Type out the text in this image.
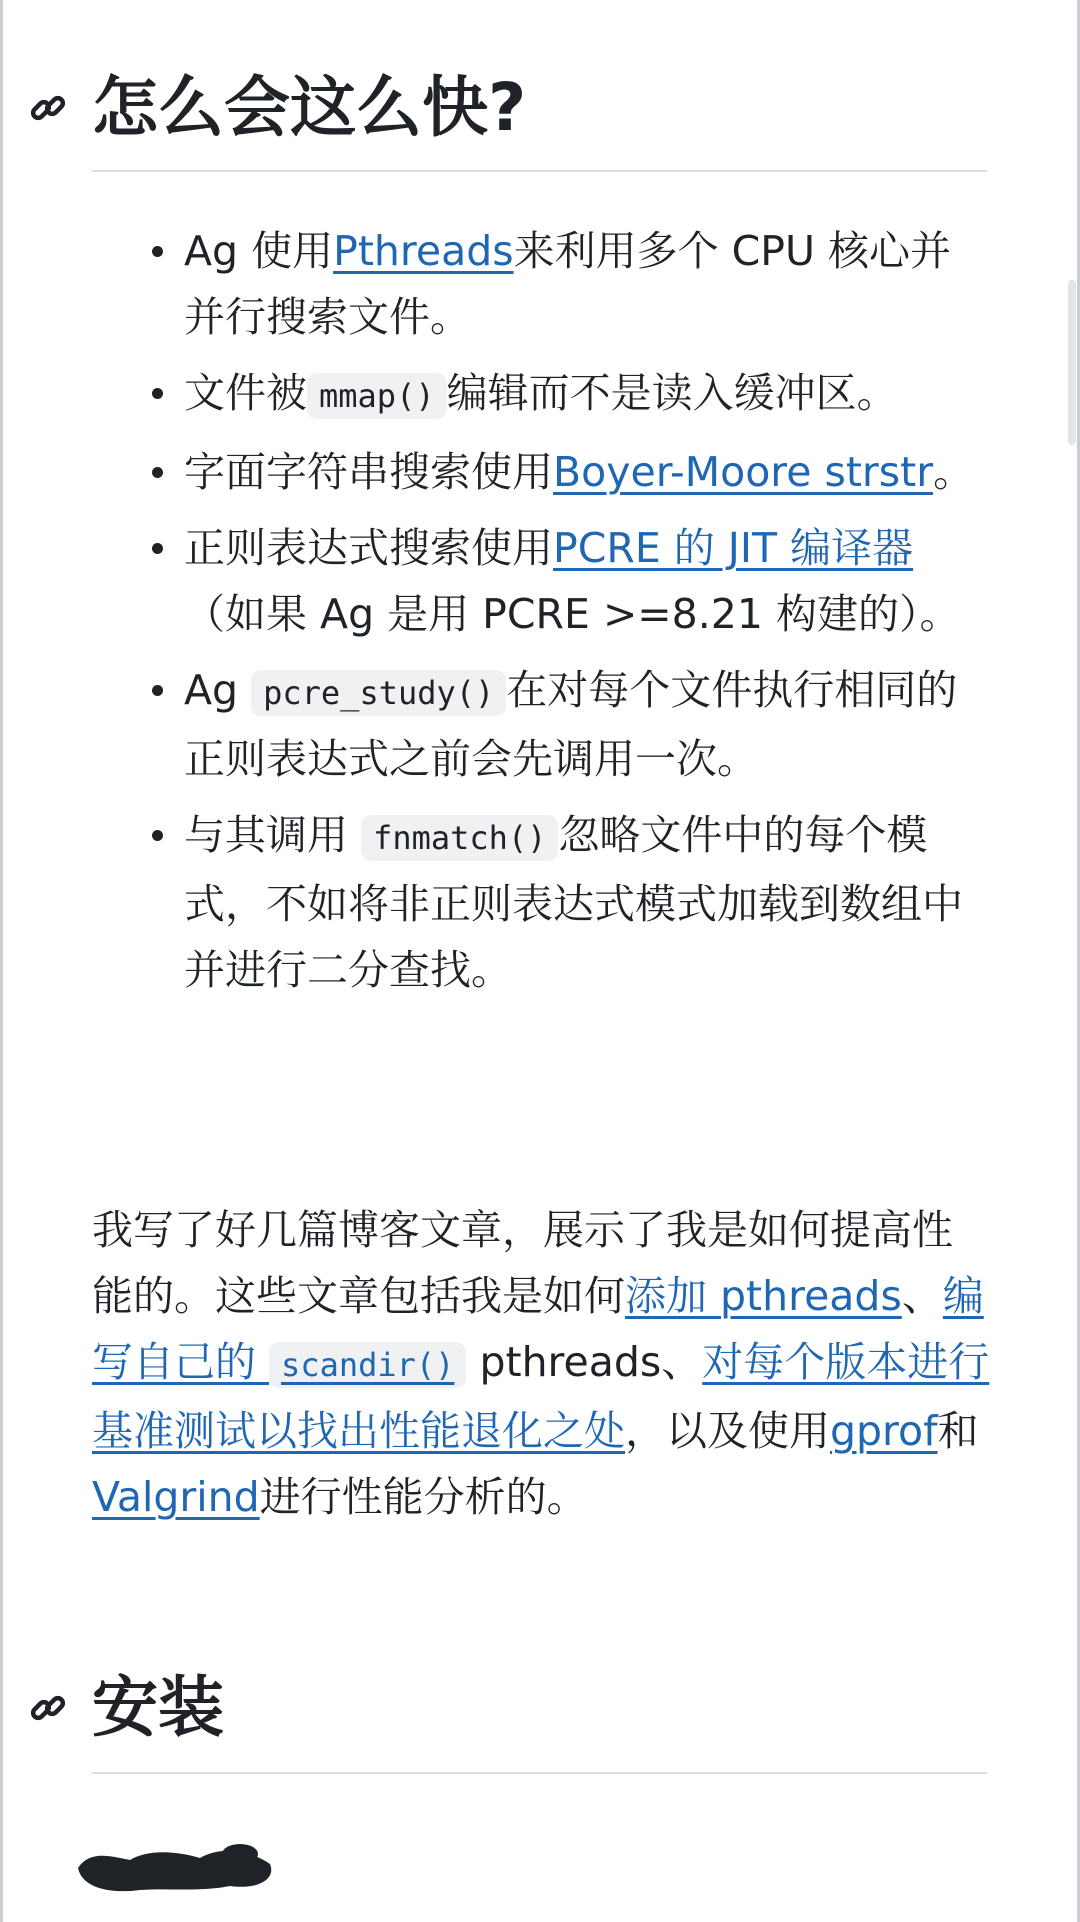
怎么会这么快?
Ag 使用Pthreads来利用多个 CPU 核心并并行搜索文件。
文件被 mmap() 编辑而不是读入缓冲区。
字面字符串搜索使用Boyer-Moore strstr。
正则表达式搜索使用PCRE 的 JIT 编译器（如果 Ag 是用 PCRE >=8.21 构建的）。
Ag pcre_study() 在对每个文件执行相同的正则表达式之前会先调用一次。
与其调用 fnmatch() 忽略文件中的每个模式，不如将非正则表达式模式加载到数组中并进行二分查找。

我写了好几篇博客文章，展示了我是如何提高性能的。这些文章包括我是如何添加 pthreads、编写自己的 scandir() pthreads、对每个版本进行基准测试以找出性能退化之处，以及使用gprof和Valgrind进行性能分析的。

安装
